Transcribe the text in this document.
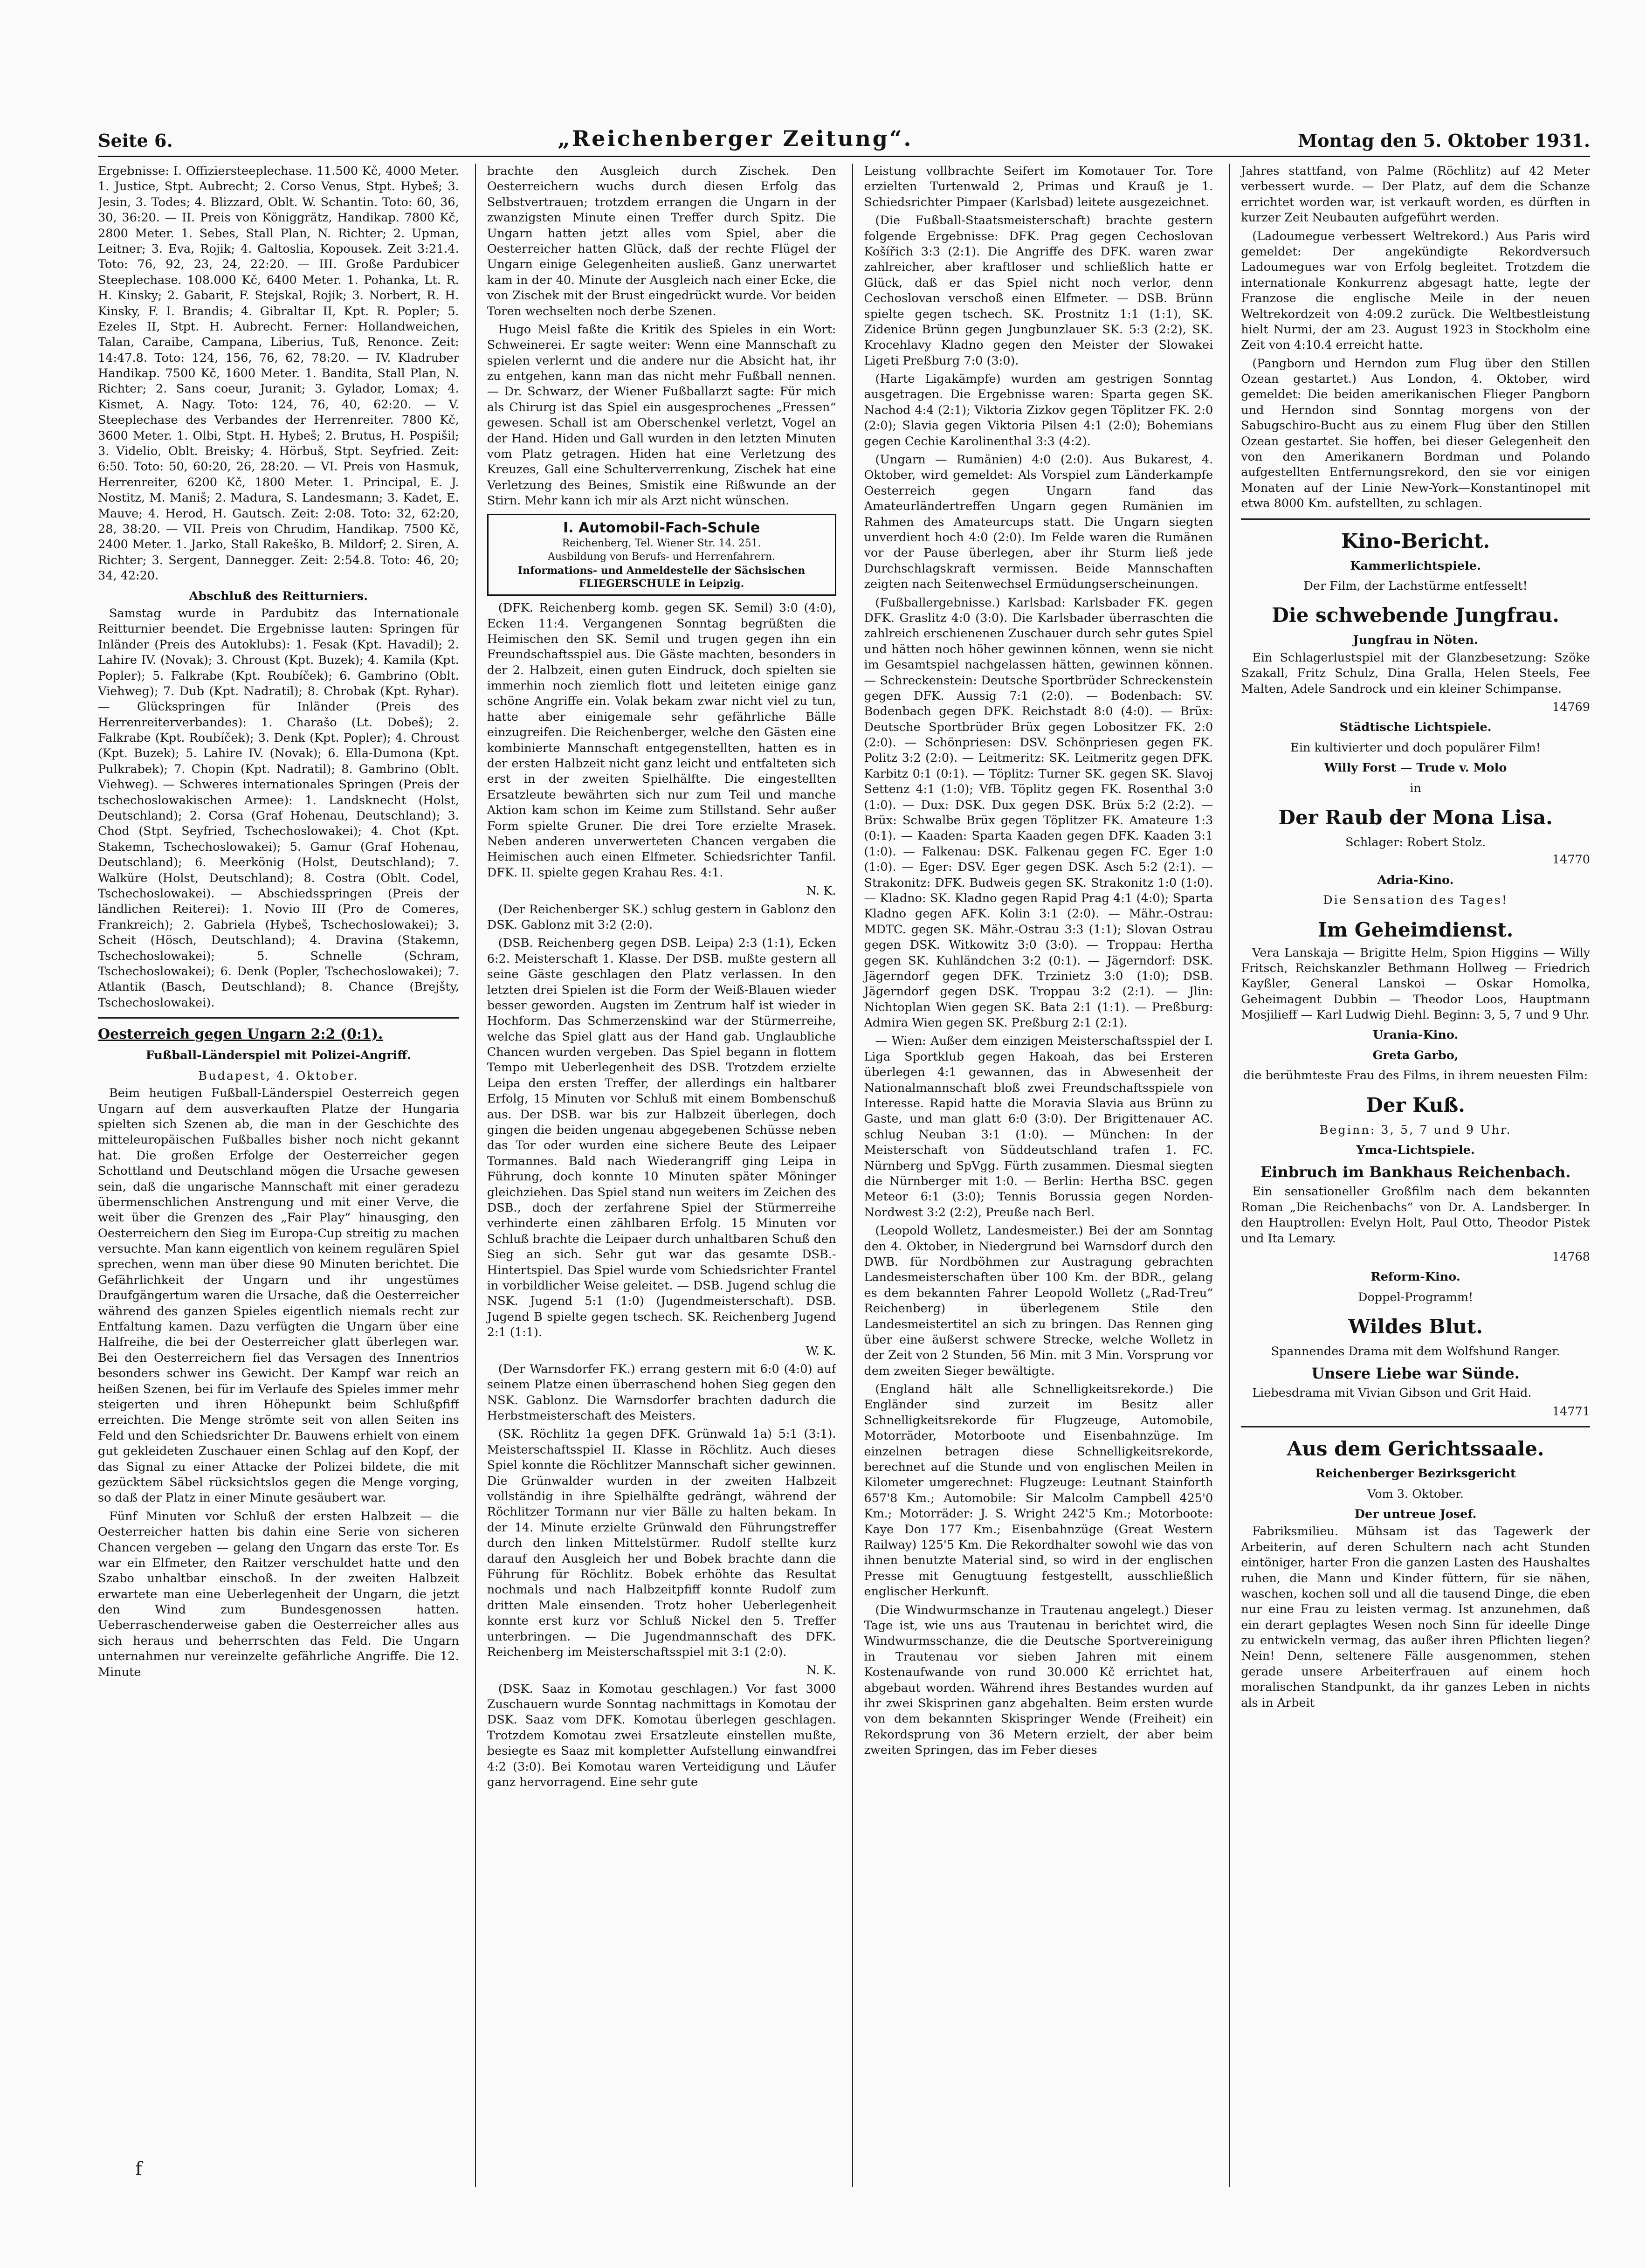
Seite 6.	„Reichenberger Zeitung“.	Montag den 5. Oktober 1931.

Ergebnisse: I. Offiziersteeplechase. 11.500 Kč, 4000 Meter. 1. Justice, Stpt. Aubrecht; 2. Corso Venus, Stpt. Hybeš; 3. Jesin, 3. Todes; 4. Blizzard, Oblt. W. Schantin. Toto: 60, 36, 30, 36:20. — II. Preis von Königgrätz, Handikap. 7800 Kč, 2800 Meter. 1. Sebes, Stall Plan, N. Richter; 2. Upman, Leitner; 3. Eva, Rojik; 4. Galtoslia, Kopousek. Zeit 3:21.4. Toto: 76, 92, 23, 24, 22:20. — III. Große Pardubicer Steeplechase. 108.000 Kč, 6400 Meter. 1. Pohanka, Lt. R. H. Kinsky; 2. Gabarit, F. Stejskal, Rojik; 3. Norbert, R. H. Kinsky, F. I. Brandis; 4. Gibraltar II, Kpt. R. Popler; 5. Ezeles II, Stpt. H. Aubrecht. Ferner: Hollandweichen, Talan, Caraibe, Campana, Liberius, Tuß, Renonce. Zeit: 14:47.8. Toto: 124, 156, 76, 62, 78:20. — IV. Kladruber Handikap. 7500 Kč, 1600 Meter. 1. Bandita, Stall Plan, N. Richter; 2. Sans coeur, Juranit; 3. Gylador, Lomax; 4. Kismet, A. Nagy. Toto: 124, 76, 40, 62:20. — V. Steeplechase des Verbandes der Herrenreiter. 7800 Kč, 3600 Meter. 1. Olbi, Stpt. H. Hybeš; 2. Brutus, H. Pospišil; 3. Videlio, Oblt. Breisky; 4. Hörbuš, Stpt. Seyfried. Zeit: 6:50. Toto: 50, 60:20, 26, 28:20. — VI. Preis von Hasmuk, Herrenreiter, 6200 Kč, 1800 Meter. 1. Principal, E. J. Nostitz, M. Maniš; 2. Madura, S. Landesmann; 3. Kadet, E. Mauve; 4. Herod, H. Gautsch. Zeit: 2:08. Toto: 32, 62:20, 28, 38:20. — VII. Preis von Chrudim, Handikap. 7500 Kč, 2400 Meter. 1. Jarko, Stall Rakeško, B. Mildorf; 2. Siren, A. Richter; 3. Sergent, Dannegger. Zeit: 2:54.8. Toto: 46, 20; 34, 42:20.

Abschluß des Reitturniers.

Samstag wurde in Pardubitz das Internationale Reitturnier beendet. Die Ergebnisse lauten: Springen für Inländer (Preis des Autoklubs): 1. Fesak (Kpt. Havadil); 2. Lahire IV. (Novak); 3. Chroust (Kpt. Buzek); 4. Kamila (Kpt. Popler); 5. Falkrabe (Kpt. Roubíček); 6. Gambrino (Oblt. Viehweg); 7. Dub (Kpt. Nadratil); 8. Chrobak (Kpt. Ryhar). — Glückspringen für Inländer (Preis des Herrenreiterverbandes): 1. Charašo (Lt. Dobeš); 2. Falkrabe (Kpt. Roubíček); 3. Denk (Kpt. Popler); 4. Chroust (Kpt. Buzek); 5. Lahire IV. (Novak); 6. Ella-Dumona (Kpt. Pulkrabek); 7. Chopin (Kpt. Nadratil); 8. Gambrino (Oblt. Viehweg). — Schweres internationales Springen (Preis der tschechoslowakischen Armee): 1. Landsknecht (Holst, Deutschland); 2. Corsa (Graf Hohenau, Deutschland); 3. Chod (Stpt. Seyfried, Tschechoslowakei); 4. Chot (Kpt. Stakemn, Tschechoslowakei); 5. Gamur (Graf Hohenau, Deutschland); 6. Meerkönig (Holst, Deutschland); 7. Walküre (Holst, Deutschland); 8. Costra (Oblt. Codel, Tschechoslowakei). — Abschiedsspringen (Preis der ländlichen Reiterei): 1. Novio III (Pro de Comeres, Frankreich); 2. Gabriela (Hybeš, Tschechoslowakei); 3. Scheit (Hösch, Deutschland); 4. Dravina (Stakemn, Tschechoslowakei); 5. Schnelle (Schram, Tschechoslowakei); 6. Denk (Popler, Tschechoslowakei); 7. Atlantik (Basch, Deutschland); 8. Chance (Brejšty, Tschechoslowakei).

Oesterreich gegen Ungarn 2:2 (0:1).
Fußball-Länderspiel mit Polizei-Angriff.
Budapest, 4. Oktober.

Beim heutigen Fußball-Länderspiel Oesterreich gegen Ungarn auf dem ausverkauften Platze der Hungaria spielten sich Szenen ab, die man in der Geschichte des mitteleuropäischen Fußballes bisher noch nicht gekannt hat. Die großen Erfolge der Oesterreicher gegen Schottland und Deutschland mögen die Ursache gewesen sein, daß die ungarische Mannschaft mit einer geradezu übermenschlichen Anstrengung und mit einer Verve, die weit über die Grenzen des „Fair Play“ hinausging, den Oesterreichern den Sieg im Europa-Cup streitig zu machen versuchte. Man kann eigentlich von keinem regulären Spiel sprechen, wenn man über diese 90 Minuten berichtet. Die Gefährlichkeit der Ungarn und ihr ungestümes Draufgängertum waren die Ursache, daß die Oesterreicher während des ganzen Spieles eigentlich niemals recht zur Entfaltung kamen. Dazu verfügten die Ungarn über eine Halfreihe, die bei der Oesterreicher glatt überlegen war. Bei den Oesterreichern fiel das Versagen des Innentrios besonders schwer ins Gewicht. Der Kampf war reich an heißen Szenen, bei für im Verlaufe des Spieles immer mehr steigerten und ihren Höhepunkt beim Schlußpfiff erreichten. Die Menge strömte seit von allen Seiten ins Feld und den Schiedsrichter Dr. Bauwens erhielt von einem gut gekleideten Zuschauer einen Schlag auf den Kopf, der das Signal zu einer Attacke der Polizei bildete, die mit gezücktem Säbel rücksichtslos gegen die Menge vorging, so daß der Platz in einer Minute gesäubert war.

Fünf Minuten vor Schluß der ersten Halbzeit — die Oesterreicher hatten bis dahin eine Serie von sicheren Chancen vergeben — gelang den Ungarn das erste Tor. Es war ein Elfmeter, den Raitzer verschuldet hatte und den Szabo unhaltbar einschoß. In der zweiten Halbzeit erwartete man eine Ueberlegenheit der Ungarn, die jetzt den Wind zum Bundesgenossen hatten. Ueberraschenderweise gaben die Oesterreicher alles aus sich heraus und beherrschten das Feld. Die Ungarn unternahmen nur vereinzelte gefährliche Angriffe. Die 12. Minute

brachte den Ausgleich durch Zischek. Den Oesterreichern wuchs durch diesen Erfolg das Selbstvertrauen; trotzdem errangen die Ungarn in der zwanzigsten Minute einen Treffer durch Spitz. Die Ungarn hatten jetzt alles vom Spiel, aber die Oesterreicher hatten Glück, daß der rechte Flügel der Ungarn einige Gelegenheiten ausließ. Ganz unerwartet kam in der 40. Minute der Ausgleich nach einer Ecke, die von Zischek mit der Brust eingedrückt wurde. Vor beiden Toren wechselten noch derbe Szenen.

Hugo Meisl faßte die Kritik des Spieles in ein Wort: Schweinerei. Er sagte weiter: Wenn eine Mannschaft zu spielen verlernt und die andere nur die Absicht hat, ihr zu entgehen, kann man das nicht mehr Fußball nennen. — Dr. Schwarz, der Wiener Fußballarzt sagte: Für mich als Chirurg ist das Spiel ein ausgesprochenes „Fressen“ gewesen. Schall ist am Oberschenkel verletzt, Vogel an der Hand. Hiden und Gall wurden in den letzten Minuten vom Platz getragen. Hiden hat eine Verletzung des Kreuzes, Gall eine Schulterverrenkung, Zischek hat eine Verletzung des Beines, Smistik eine Rißwunde an der Stirn. Mehr kann ich mir als Arzt nicht wünschen.

I. Automobil-Fach-Schule
Reichenberg, Tel. Wiener Str. 14. 251.
Ausbildung von Berufs- und Herrenfahrern.
Informations- und Anmeldestelle der Sächsischen FLIEGERSCHULE in Leipzig.

(DFK. Reichenberg komb. gegen SK. Semil) 3:0 (4:0), Ecken 11:4. Vergangenen Sonntag begrüßten die Heimischen den SK. Semil und trugen gegen ihn ein Freundschaftsspiel aus. Die Gäste machten, besonders in der 2. Halbzeit, einen guten Eindruck, doch spielten sie immerhin noch ziemlich flott und leiteten einige ganz schöne Angriffe ein. Volak bekam zwar nicht viel zu tun, hatte aber einigemale sehr gefährliche Bälle einzugreifen. Die Reichenberger, welche den Gästen eine kombinierte Mannschaft entgegenstellten, hatten es in der ersten Halbzeit nicht ganz leicht und entfalteten sich erst in der zweiten Spielhälfte. Die eingestellten Ersatzleute bewährten sich nur zum Teil und manche Aktion kam schon im Keime zum Stillstand. Sehr außer Form spielte Gruner. Die drei Tore erzielte Mrasek. Neben anderen unverwerteten Chancen vergaben die Heimischen auch einen Elfmeter. Schiedsrichter Tanfil. DFK. II. spielte gegen Krahau Res. 4:1.

N. K.

(Der Reichenberger SK.) schlug gestern in Gablonz den DSK. Gablonz mit 3:2 (2:0).

(DSB. Reichenberg gegen DSB. Leipa) 2:3 (1:1), Ecken 6:2. Meisterschaft 1. Klasse. Der DSB. mußte gestern all seine Gäste geschlagen den Platz verlassen. In den letzten drei Spielen ist die Form der Weiß-Blauen wieder besser geworden. Augsten im Zentrum half ist wieder in Hochform. Das Schmerzenskind war der Stürmerreihe, welche das Spiel glatt aus der Hand gab. Unglaubliche Chancen wurden vergeben. Das Spiel begann in flottem Tempo mit Ueberlegenheit des DSB. Trotzdem erzielte Leipa den ersten Treffer, der allerdings ein haltbarer Erfolg, 15 Minuten vor Schluß mit einem Bombenschuß aus. Der DSB. war bis zur Halbzeit überlegen, doch gingen die beiden ungenau abgegebenen Schüsse neben das Tor oder wurden eine sichere Beute des Leipaer Tormannes. Bald nach Wiederangriff ging Leipa in Führung, doch konnte 10 Minuten später Möninger gleichziehen. Das Spiel stand nun weiters im Zeichen des DSB., doch der zerfahrene Spiel der Stürmerreihe verhinderte einen zählbaren Erfolg. 15 Minuten vor Schluß brachte die Leipaer durch unhaltbaren Schuß den Sieg an sich. Sehr gut war das gesamte DSB.-Hintertspiel. Das Spiel wurde vom Schiedsrichter Frantel in vorbildlicher Weise geleitet. — DSB. Jugend schlug die NSK. Jugend 5:1 (1:0) (Jugendmeisterschaft). DSB. Jugend B spielte gegen tschech. SK. Reichenberg Jugend 2:1 (1:1).

W. K.

(Der Warnsdorfer FK.) errang gestern mit 6:0 (4:0) auf seinem Platze einen überraschend hohen Sieg gegen den NSK. Gablonz. Die Warnsdorfer brachten dadurch die Herbstmeisterschaft des Meisters.

(SK. Röchlitz 1a gegen DFK. Grünwald 1a) 5:1 (3:1). Meisterschaftsspiel II. Klasse in Röchlitz. Auch dieses Spiel konnte die Röchlitzer Mannschaft sicher gewinnen. Die Grünwalder wurden in der zweiten Halbzeit vollständig in ihre Spielhälfte gedrängt, während der Röchlitzer Tormann nur vier Bälle zu halten bekam. In der 14. Minute erzielte Grünwald den Führungstreffer durch den linken Mittelstürmer. Rudolf stellte kurz darauf den Ausgleich her und Bobek brachte dann die Führung für Röchlitz. Bobek erhöhte das Resultat nochmals und nach Halbzeitpfiff konnte Rudolf zum dritten Male einsenden. Trotz hoher Ueberlegenheit konnte erst kurz vor Schluß Nickel den 5. Treffer unterbringen. — Die Jugendmannschaft des DFK. Reichenberg im Meisterschaftsspiel mit 3:1 (2:0).

N. K.

(DSK. Saaz in Komotau geschlagen.) Vor fast 3000 Zuschauern wurde Sonntag nachmittags in Komotau der DSK. Saaz vom DFK. Komotau überlegen geschlagen. Trotzdem Komotau zwei Ersatzleute einstellen mußte, besiegte es Saaz mit kompletter Aufstellung einwandfrei 4:2 (3:0). Bei Komotau waren Verteidigung und Läufer ganz hervorragend. Eine sehr gute

Leistung vollbrachte Seifert im Komotauer Tor. Tore erzielten Turtenwald 2, Primas und Krauß je 1. Schiedsrichter Pimpaer (Karlsbad) leitete ausgezeichnet.

(Die Fußball-Staatsmeisterschaft) brachte gestern folgende Ergebnisse: DFK. Prag gegen Cechoslovan Košířich 3:3 (2:1). Die Angriffe des DFK. waren zwar zahlreicher, aber kraftloser und schließlich hatte er Glück, daß er das Spiel nicht noch verlor, denn Cechoslovan verschoß einen Elfmeter. — DSB. Brünn spielte gegen tschech. SK. Prostnitz 1:1 (1:1), SK. Zidenice Brünn gegen Jungbunzlauer SK. 5:3 (2:2), SK. Krocehlavy Kladno gegen den Meister der Slowakei Ligeti Preßburg 7:0 (3:0).

(Harte Ligakämpfe) wurden am gestrigen Sonntag ausgetragen. Die Ergebnisse waren: Sparta gegen SK. Nachod 4:4 (2:1); Viktoria Zizkov gegen Töplitzer FK. 2:0 (2:0); Slavia gegen Viktoria Pilsen 4:1 (2:0); Bohemians gegen Cechie Karolinenthal 3:3 (4:2).

(Ungarn — Rumänien) 4:0 (2:0). Aus Bukarest, 4. Oktober, wird gemeldet: Als Vorspiel zum Länderkampfe Oesterreich gegen Ungarn fand das Amateurländertreffen Ungarn gegen Rumänien im Rahmen des Amateurcups statt. Die Ungarn siegten unverdient hoch 4:0 (2:0). Im Felde waren die Rumänen vor der Pause überlegen, aber ihr Sturm ließ jede Durchschlagskraft vermissen. Beide Mannschaften zeigten nach Seitenwechsel Ermüdungserscheinungen.

(Fußballergebnisse.) Karlsbad: Karlsbader FK. gegen DFK. Graslitz 4:0 (3:0). Die Karlsbader überraschten die zahlreich erschienenen Zuschauer durch sehr gutes Spiel und hätten noch höher gewinnen können, wenn sie nicht im Gesamtspiel nachgelassen hätten, gewinnen können. — Schreckenstein: Deutsche Sportbrüder Schreckenstein gegen DFK. Aussig 7:1 (2:0). — Bodenbach: SV. Bodenbach gegen DFK. Reichstadt 8:0 (4:0). — Brüx: Deutsche Sportbrüder Brüx gegen Lobositzer FK. 2:0 (2:0). — Schönpriesen: DSV. Schönpriesen gegen FK. Politz 3:2 (2:0). — Leitmeritz: SK. Leitmeritz gegen DFK. Karbitz 0:1 (0:1). — Töplitz: Turner SK. gegen SK. Slavoj Settenz 4:1 (1:0); VfB. Töplitz gegen FK. Rosenthal 3:0 (1:0). — Dux: DSK. Dux gegen DSK. Brüx 5:2 (2:2). — Brüx: Schwalbe Brüx gegen Töplitzer FK. Amateure 1:3 (0:1). — Kaaden: Sparta Kaaden gegen DFK. Kaaden 3:1 (1:0). — Falkenau: DSK. Falkenau gegen FC. Eger 1:0 (1:0). — Eger: DSV. Eger gegen DSK. Asch 5:2 (2:1). — Strakonitz: DFK. Budweis gegen SK. Strakonitz 1:0 (1:0). — Kladno: SK. Kladno gegen Rapid Prag 4:1 (4:0); Sparta Kladno gegen AFK. Kolin 3:1 (2:0). — Mähr.-Ostrau: MDTC. gegen SK. Mähr.-Ostrau 3:3 (1:1); Slovan Ostrau gegen DSK. Witkowitz 3:0 (3:0). — Troppau: Hertha gegen SK. Kuhländchen 3:2 (0:1). — Jägerndorf: DSK. Jägerndorf gegen DFK. Trzinietz 3:0 (1:0); DSB. Jägerndorf gegen DSK. Troppau 3:2 (2:1). — Jlin: Nichtoplan Wien gegen SK. Bata 2:1 (1:1). — Preßburg: Admira Wien gegen SK. Preßburg 2:1 (2:1).

— Wien: Außer dem einzigen Meisterschaftsspiel der I. Liga Sportklub gegen Hakoah, das bei Ersteren überlegen 4:1 gewannen, das in Abwesenheit der Nationalmannschaft bloß zwei Freundschaftsspiele von Interesse. Rapid hatte die Moravia Slavia aus Brünn zu Gaste, und man glatt 6:0 (3:0). Der Brigittenauer AC. schlug Neuban 3:1 (1:0). — München: In der Meisterschaft von Süddeutschland trafen 1. FC. Nürnberg und SpVgg. Fürth zusammen. Diesmal siegten die Nürnberger mit 1:0. — Berlin: Hertha BSC. gegen Meteor 6:1 (3:0); Tennis Borussia gegen Norden-Nordwest 3:2 (2:2), Preuße nach Berl.

(Leopold Wolletz, Landesmeister.) Bei der am Sonntag den 4. Oktober, in Niedergrund bei Warnsdorf durch den DWB. für Nordböhmen zur Austragung gebrachten Landesmeisterschaften über 100 Km. der BDR., gelang es dem bekannten Fahrer Leopold Wolletz („Rad-Treu“ Reichenberg) in überlegenem Stile den Landesmeistertitel an sich zu bringen. Das Rennen ging über eine äußerst schwere Strecke, welche Wolletz in der Zeit von 2 Stunden, 56 Min. mit 3 Min. Vorsprung vor dem zweiten Sieger bewältigte.

(England hält alle Schnelligkeitsrekorde.) Die Engländer sind zurzeit im Besitz aller Schnelligkeitsrekorde für Flugzeuge, Automobile, Motorräder, Motorboote und Eisenbahnzüge. Im einzelnen betragen diese Schnelligkeitsrekorde, berechnet auf die Stunde und von englischen Meilen in Kilometer umgerechnet: Flugzeuge: Leutnant Stainforth 657'8 Km.; Automobile: Sir Malcolm Campbell 425'0 Km.; Motorräder: J. S. Wright 242'5 Km.; Motorboote: Kaye Don 177 Km.; Eisenbahnzüge (Great Western Railway) 125'5 Km. Die Rekordhalter sowohl wie das von ihnen benutzte Material sind, so wird in der englischen Presse mit Genugtuung festgestellt, ausschließlich englischer Herkunft.

(Die Windwurmschanze in Trautenau angelegt.) Dieser Tage ist, wie uns aus Trautenau in berichtet wird, die Windwurmsschanze, die die Deutsche Sportvereinigung in Trautenau vor sieben Jahren mit einem Kostenaufwande von rund 30.000 Kč errichtet hat, abgebaut worden. Während ihres Bestandes wurden auf ihr zwei Skisprinen ganz abgehalten. Beim ersten wurde von dem bekannten Skispringer Wende (Freiheit) ein Rekordsprung von 36 Metern erzielt, der aber beim zweiten Springen, das im Feber dieses

Jahres stattfand, von Palme (Röchlitz) auf 42 Meter verbessert wurde. — Der Platz, auf dem die Schanze errichtet worden war, ist verkauft worden, es dürften in kurzer Zeit Neubauten aufgeführt werden.

(Ladoumegue verbessert Weltrekord.) Aus Paris wird gemeldet: Der angekündigte Rekordversuch Ladoumegues war von Erfolg begleitet. Trotzdem die internationale Konkurrenz abgesagt hatte, legte der Franzose die englische Meile in der neuen Weltrekordzeit von 4:09.2 zurück. Die Weltbestleistung hielt Nurmi, der am 23. August 1923 in Stockholm eine Zeit von 4:10.4 erreicht hatte.

(Pangborn und Herndon zum Flug über den Stillen Ozean gestartet.) Aus London, 4. Oktober, wird gemeldet: Die beiden amerikanischen Flieger Pangborn und Herndon sind Sonntag morgens von der Sabugschiro-Bucht aus zu einem Flug über den Stillen Ozean gestartet. Sie hoffen, bei dieser Gelegenheit den von den Amerikanern Bordman und Polando aufgestellten Entfernungsrekord, den sie vor einigen Monaten auf der Linie New-York—Konstantinopel mit etwa 8000 Km. aufstellten, zu schlagen.

Kino-Bericht.
Kammerlichtspiele.
Der Film, der Lachstürme entfesselt!
Die schwebende Jungfrau.
Jungfrau in Nöten.

Ein Schlagerlustspiel mit der Glanzbesetzung: Szöke Szakall, Fritz Schulz, Dina Gralla, Helen Steels, Fee Malten, Adele Sandrock und ein kleiner Schimpanse.

14769

Städtische Lichtspiele.
Ein kultivierter und doch populärer Film!
Willy Forst — Trude v. Molo
in
Der Raub der Mona Lisa.
Schlager: Robert Stolz.

14770

Adria-Kino.
Die Sensation des Tages!
Im Geheimdienst.

Vera Lanskaja — Brigitte Helm, Spion Higgins — Willy Fritsch, Reichskanzler Bethmann Hollweg — Friedrich Kayßler, General Lanskoi — Oskar Homolka, Geheimagent Dubbin — Theodor Loos, Hauptmann Mosjilieff — Karl Ludwig Diehl. Beginn: 3, 5, 7 und 9 Uhr.

Urania-Kino.
Greta Garbo,
die berühmteste Frau des Films, in ihrem neuesten Film:
Der Kuß.
Beginn: 3, 5, 7 und 9 Uhr.
Ymca-Lichtspiele.
Einbruch im Bankhaus Reichenbach.

Ein sensationeller Großfilm nach dem bekannten Roman „Die Reichenbachs“ von Dr. A. Landsberger. In den Hauptrollen: Evelyn Holt, Paul Otto, Theodor Pistek und Ita Lemary.

14768

Reform-Kino.
Doppel-Programm!
Wildes Blut.
Spannendes Drama mit dem Wolfshund Ranger.
Unsere Liebe war Sünde.

Liebesdrama mit Vivian Gibson und Grit Haid.

14771

Aus dem Gerichtssaale.
Reichenberger Bezirksgericht
Vom 3. Oktober.
Der untreue Josef.

Fabriksmilieu. Mühsam ist das Tagewerk der Arbeiterin, auf deren Schultern nach acht Stunden eintöniger, harter Fron die ganzen Lasten des Haushaltes ruhen, die Mann und Kinder füttern, für sie nähen, waschen, kochen soll und all die tausend Dinge, die eben nur eine Frau zu leisten vermag. Ist anzunehmen, daß ein derart geplagtes Wesen noch Sinn für ideelle Dinge zu entwickeln vermag, das außer ihren Pflichten liegen? Nein! Denn, seltenere Fälle ausgenommen, stehen gerade unsere Arbeiterfrauen auf einem hoch moralischen Standpunkt, da ihr ganzes Leben in nichts als in Arbeit

f
